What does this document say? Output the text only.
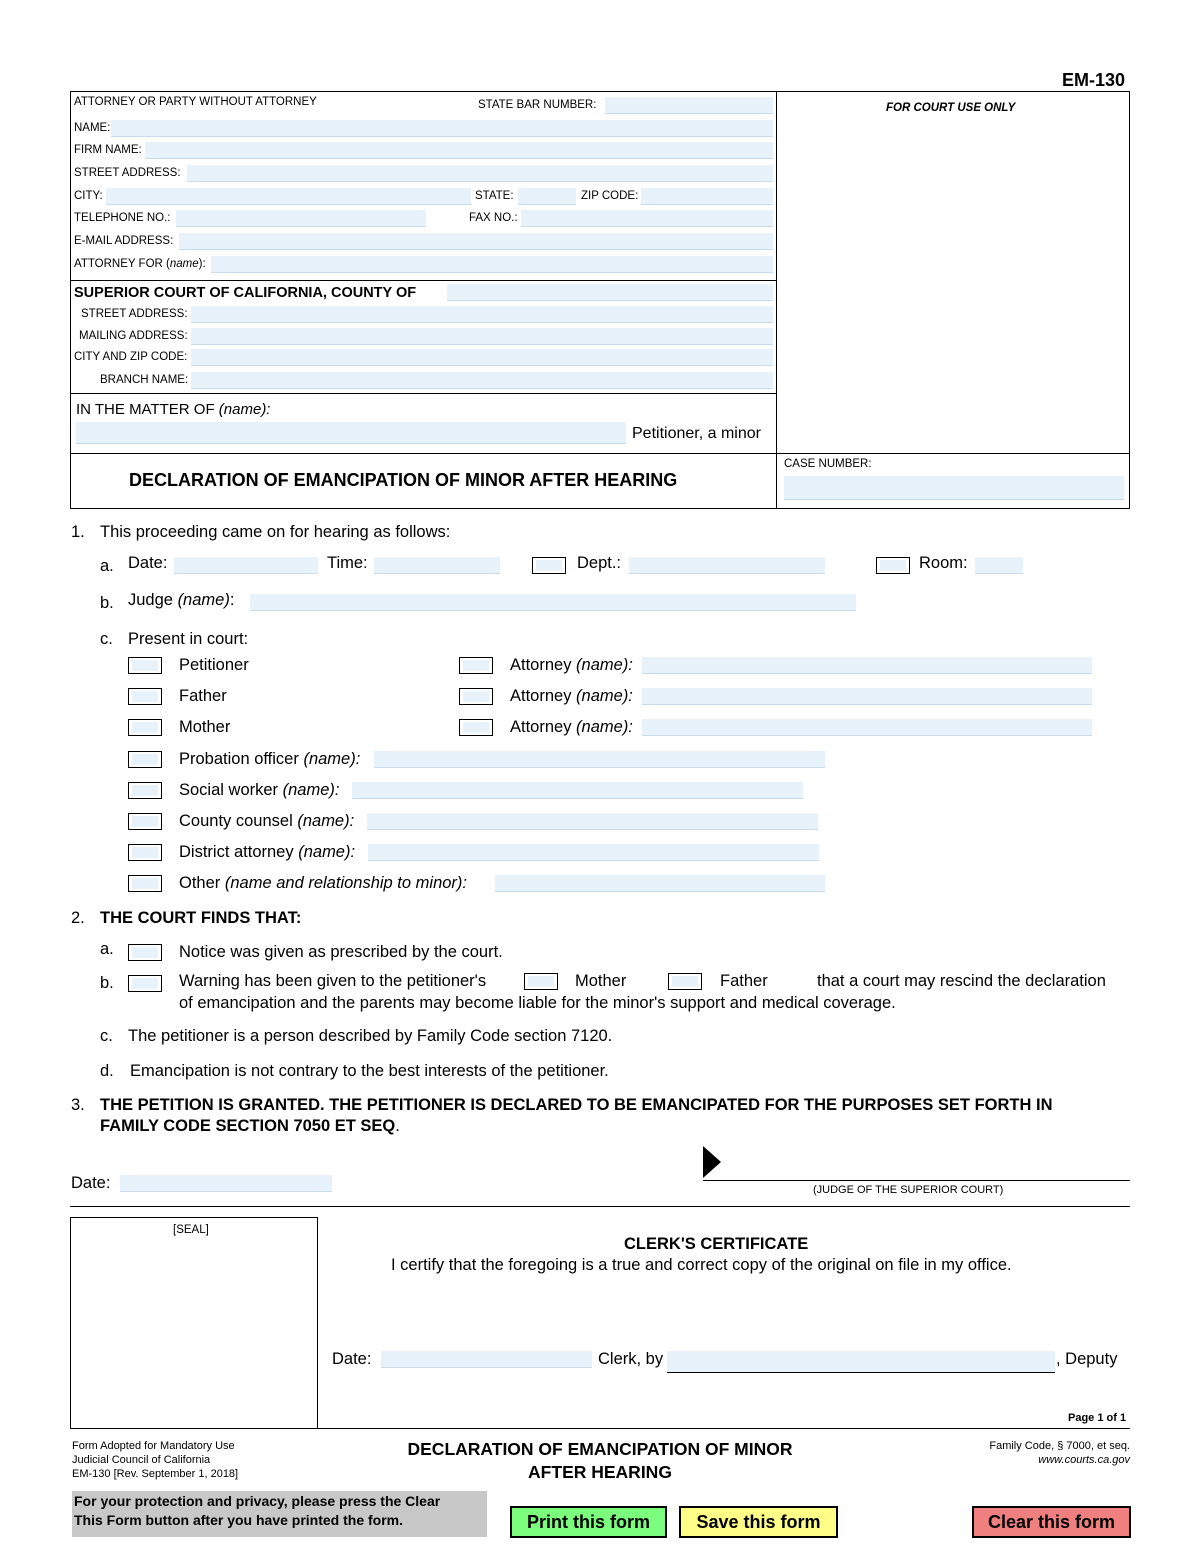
EM-130
ATTORNEY OR PARTY WITHOUT ATTORNEY	STATE BAR NUMBER:
NAME:
FIRM NAME:
STREET ADDRESS:
CITY:	STATE:	ZIP CODE:
TELEPHONE NO.:	FAX NO.:
E-MAIL ADDRESS:
ATTORNEY FOR (name):
FOR COURT USE ONLY
SUPERIOR COURT OF CALIFORNIA, COUNTY OF
STREET ADDRESS:
MAILING ADDRESS:
CITY AND ZIP CODE:
BRANCH NAME:
IN THE MATTER OF (name):
Petitioner, a minor
DECLARATION OF EMANCIPATION OF MINOR AFTER HEARING
CASE NUMBER:
1. This proceeding came on for hearing as follows:
a. Date:	Time:	Dept.:	Room:
b. Judge (name):
c. Present in court:
Petitioner	Attorney (name):
Father	Attorney (name):
Mother	Attorney (name):
Probation officer (name):
Social worker (name):
County counsel (name):
District attorney (name):
Other (name and relationship to minor):
2. THE COURT FINDS THAT:
a.	Notice was given as prescribed by the court.
b.	Warning has been given to the petitioner's	Mother	Father	that a court may rescind the declaration
of emancipation and the parents may become liable for the minor's support and medical coverage.
c. The petitioner is a person described by Family Code section 7120.
d. Emancipation is not contrary to the best interests of the petitioner.
3. THE PETITION IS GRANTED. THE PETITIONER IS DECLARED TO BE EMANCIPATED FOR THE PURPOSES SET FORTH IN
FAMILY CODE SECTION 7050 ET SEQ.
Date:	(JUDGE OF THE SUPERIOR COURT)
[SEAL]
CLERK'S CERTIFICATE
I certify that the foregoing is a true and correct copy of the original on file in my office.
Date:	Clerk, by	, Deputy
Page 1 of 1
Form Adopted for Mandatory Use
Judicial Council of California
EM-130 [Rev. September 1, 2018]
DECLARATION OF EMANCIPATION OF MINOR
AFTER HEARING
Family Code, § 7000, et seq.
www.courts.ca.gov
For your protection and privacy, please press the Clear
This Form button after you have printed the form.	Print this form	Save this form	Clear this form
